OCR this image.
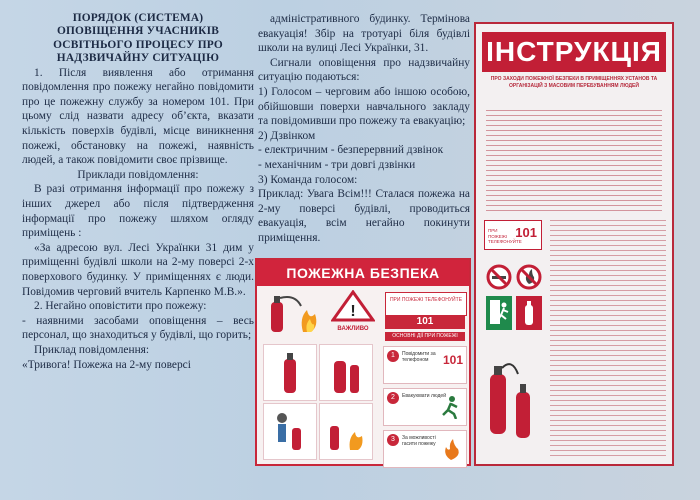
ПОРЯДОК (СИСТЕМА)

ОПОВІЩЕННЯ УЧАСНИКІВ

ОСВІТНЬОГО ПРОЦЕСУ ПРО

НАДЗВИЧАЙНУ СИТУАЦІЮ

1. Після виявлення або отримання повідомлення про пожежу негайно повідомити про це пожежну службу за номером 101. При цьому слід назвати адресу об’єкта, вказати кількість поверхів будівлі, місце виникнення пожежі, обстановку на пожежі, наявність людей, а також повідомити своє прізвище.

Приклади повідомлення:

В разі отримання інформації про пожежу з інших джерел або після підтвердження інформації про пожежу шляхом огляду приміщень :

«За адресою вул. Лесі Українки 31 дим у приміщенні будівлі школи на 2-му поверсі 2-х поверхового будинку. У приміщеннях є люди. Повідомив черговий вчитель Карпенко М.В.».

2. Негайно оповістити про пожежу:

- наявними засобами оповіщення – весь персонал, що знаходиться у будівлі, що горить;

Приклад повідомлення:

«Тривога! Пожежа на 2-му поверсі

адміністративного будинку. Термінова евакуація! Збір на тротуарі біля будівлі школи на вулиці Лесі Українки, 31.

Сигнали оповіщення про надзвичайну ситуацію подаються:

1) Голосом – черговим або іншою особою, обійшовши поверхи навчального закладу та повідомивши про пожежу та евакуацію;

2) Дзвінком

- електричним - безперервний дзвінок

- механічним - три довгі дзвінки

3) Командa голосом:

Приклад: Увага Всім!!! Сталася пожежа на 2-му поверсі будівлі, проводиться евакуація, всім негайно покинути приміщення.

ПОЖЕЖНА БЕЗПЕКА
!
ВАЖЛИВО
ПРИ ПОЖЕЖІ ТЕЛЕФОНУЙТЕ
101
ОСНОВНІ ДІЇ ПРИ ПОЖЕЖІ
1	Повідомити за телефоном	101
2	Евакуювати людей
3	За можливості гасити пожежу
ІНСТРУКЦІЯ
ПРО ЗАХОДИ ПОЖЕЖНОЇ БЕЗПЕКИ В ПРИМІЩЕННЯХ УСТАНОВ ТА ОРГАНІЗАЦІЙ З МАСОВИМ ПЕРЕБУВАННЯМ ЛЮДЕЙ
ПРИ ПОЖЕЖІ ТЕЛЕФОНУЙТЕ
101
